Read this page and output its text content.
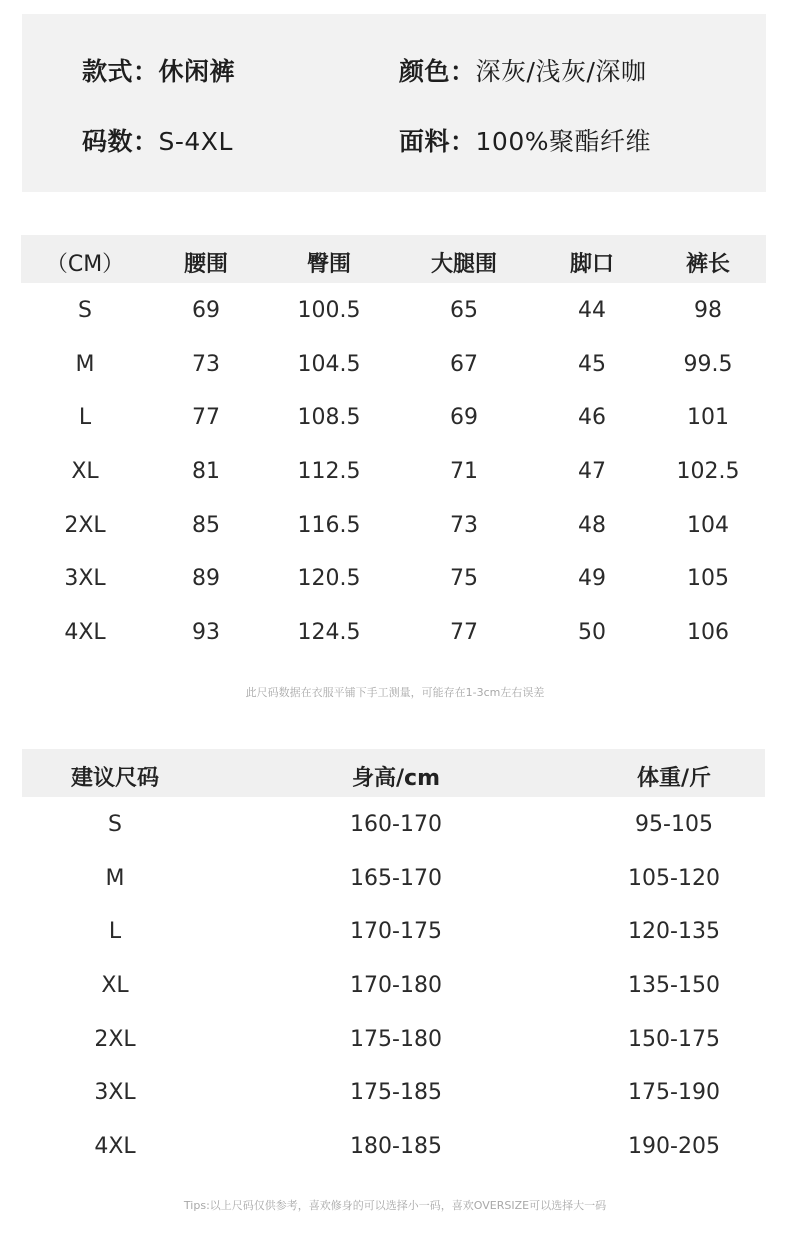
款式：休闲裤	颜色：深灰/浅灰/深咖
码数：S-4XL	面料：100%聚酯纤维
（CM）	腰围	臀围	大腿围	脚口	裤长
S	69	100.5	65	44	98
M	73	104.5	67	45	99.5
L	77	108.5	69	46	101
XL	81	112.5	71	47	102.5
2XL	85	116.5	73	48	104
3XL	89	120.5	75	49	105
4XL	93	124.5	77	50	106
此尺码数据在衣服平铺下手工测量，可能存在1-3cm左右误差
建议尺码	身高/cm	体重/斤
S	160-170	95-105
M	165-170	105-120
L	170-175	120-135
XL	170-180	135-150
2XL	175-180	150-175
3XL	175-185	175-190
4XL	180-185	190-205
Tips:以上尺码仅供参考，喜欢修身的可以选择小一码，喜欢OVERSIZE可以选择大一码
